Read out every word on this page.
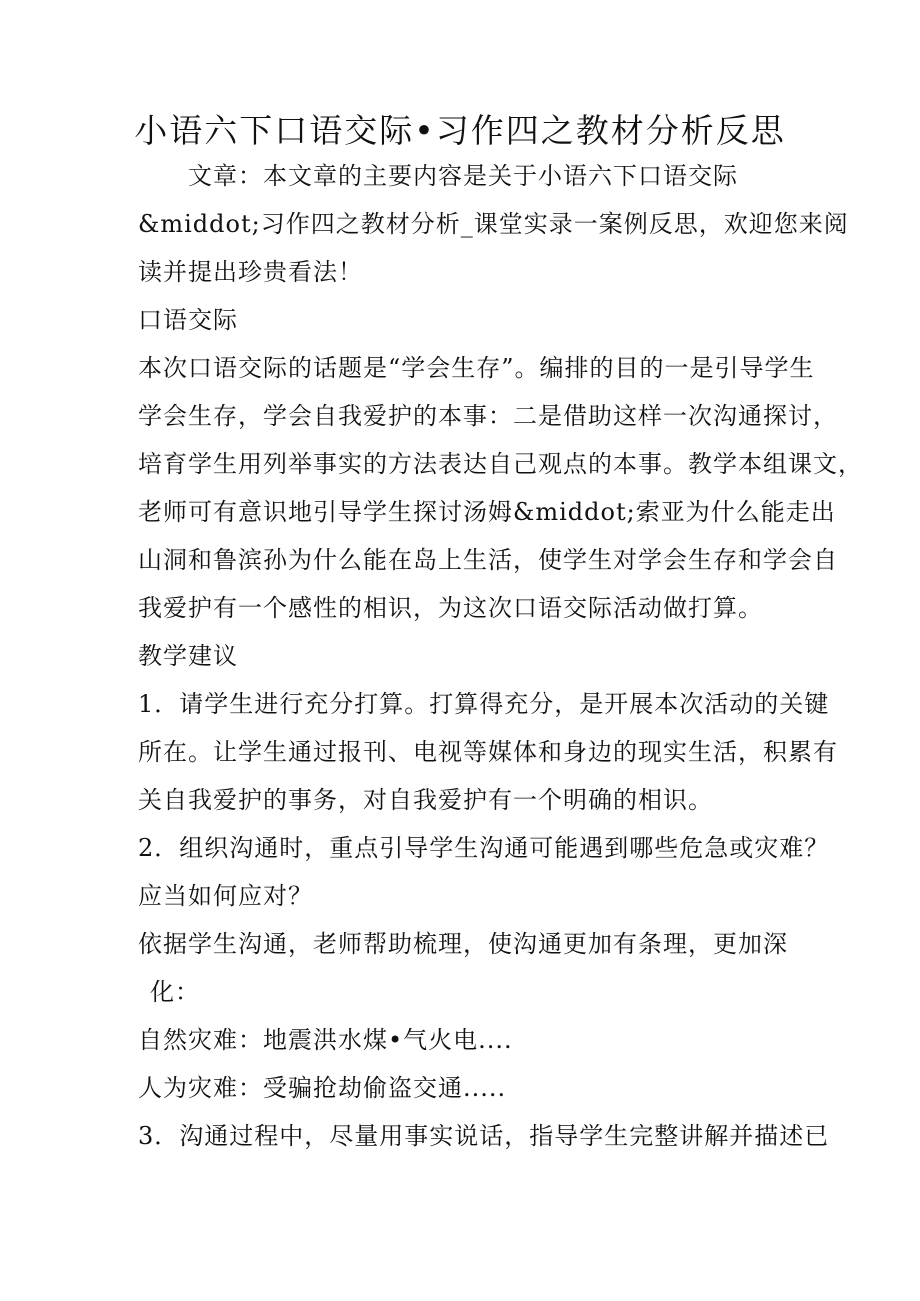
小语六下口语交际•习作四之教材分析反思
文章：本文章的主要内容是关于小语六下口语交际
&middot;习作四之教材分析_课堂实录一案例反思，欢迎您来阅
读并提出珍贵看法！
口语交际
本次口语交际的话题是“学会生存”。编排的目的一是引导学生
学会生存，学会自我爱护的本事：二是借助这样一次沟通探讨，
培育学生用列举事实的方法表达自己观点的本事。教学本组课文，
老师可有意识地引导学生探讨汤姆&middot;索亚为什么能走出
山洞和鲁滨孙为什么能在岛上生活，使学生对学会生存和学会自
我爱护有一个感性的相识，为这次口语交际活动做打算。
教学建议
1．请学生进行充分打算。打算得充分，是开展本次活动的关键
所在。让学生通过报刊、电视等媒体和身边的现实生活，积累有
关自我爱护的事务，对自我爱护有一个明确的相识。
2．组织沟通时，重点引导学生沟通可能遇到哪些危急或灾难？
应当如何应对？
依据学生沟通，老师帮助梳理，使沟通更加有条理，更加深
化：
自然灾难：地震洪水煤•气火电....
人为灾难：受骗抢劫偷盗交通.....
3．沟通过程中，尽量用事实说话，指导学生完整讲解并描述已
